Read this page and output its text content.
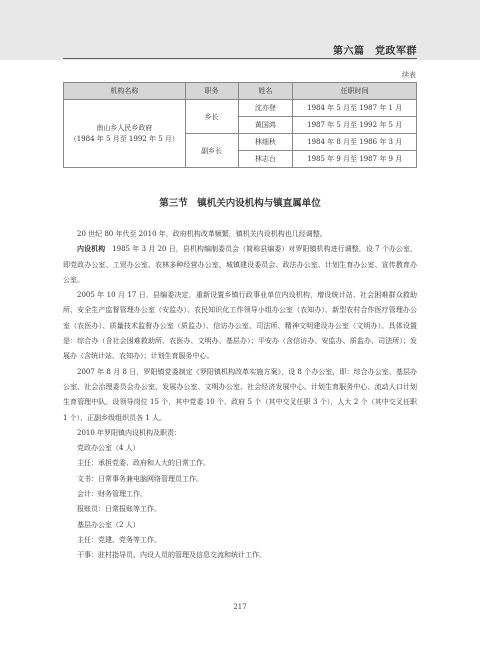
第六篇　党政军群
续表
机构名称	职务	姓名	任职时间

南山乡人民乡政府
（1984 年 5 月至 1992 年 5 月）	乡长	沈亦登	1984 年 5 月至 1987 年 1 月
		黄国鸿	1987 年 5 月至 1992 年 5 月
	副乡长	林细秋	1984 年 8 月至 1986 年 3 月
		林志台	1985 年 9 月至 1987 年 9 月
第三节　镇机关内设机构与镇直属单位

20 世纪 80 年代至 2010 年，政府机构改革频繁，镇机关内设机构也几经调整。

内设机构　1985 年 3 月 20 日，县机构编制委员会（简称县编委）对罗阳镇机构进行调整，设 7 个办公室，即党政办公室、工贸办公室、农林多种经营办公室、城镇建设委员会、政法办公室、计划生育办公室、宣传教育办公室。

2005 年 10 月 17 日，县编委决定，重新设置乡镇行政事业单位内设机构，增设统计站、社会困难群众救助所、安全生产监督管理办公室（安监办）、农民知识化工作领导小组办公室（农知办）、新型农村合作医疗管理办公室（农医办）、质量技术监督办公室（质监办）、信访办公室、司法所、精神文明建设办公室（文明办）。具体设置是：综合办（含社会困难救助所、农医办、文明办、基层办）；平安办（含信访办、安监办、质监办、司法所）；发展办（含统计站、农知办）；计划生育服务中心。

2007 年 8 月 8 日，罗阳镇党委制定《罗阳镇机构改革实施方案》，设 8 个办公室，即：综合办公室、基层办公室、社会治理委员会办公室、发展办公室、文明办公室、社会经济发展中心、计划生育服务中心、流动人口计划生育管理中队。设领导岗位 15 个，其中党委 10 个、政府 5 个（其中交叉任职 3 个），人大 2 个（其中交叉任职 1 个），正副乡级组织员各 1 人。

2010 年罗阳镇内设机构及职责：

党政办公室（4 人）

主任：承担党委、政府和人大的日常工作。

文书：日常事务兼电脑网络管理员工作。

会计：财务管理工作。

报账员：日常报账等工作。

基层办公室（2 人）

主任：党建、党务等工作。

干事：驻村指导员、内设人员的管理及信息交流和统计工作。

217
